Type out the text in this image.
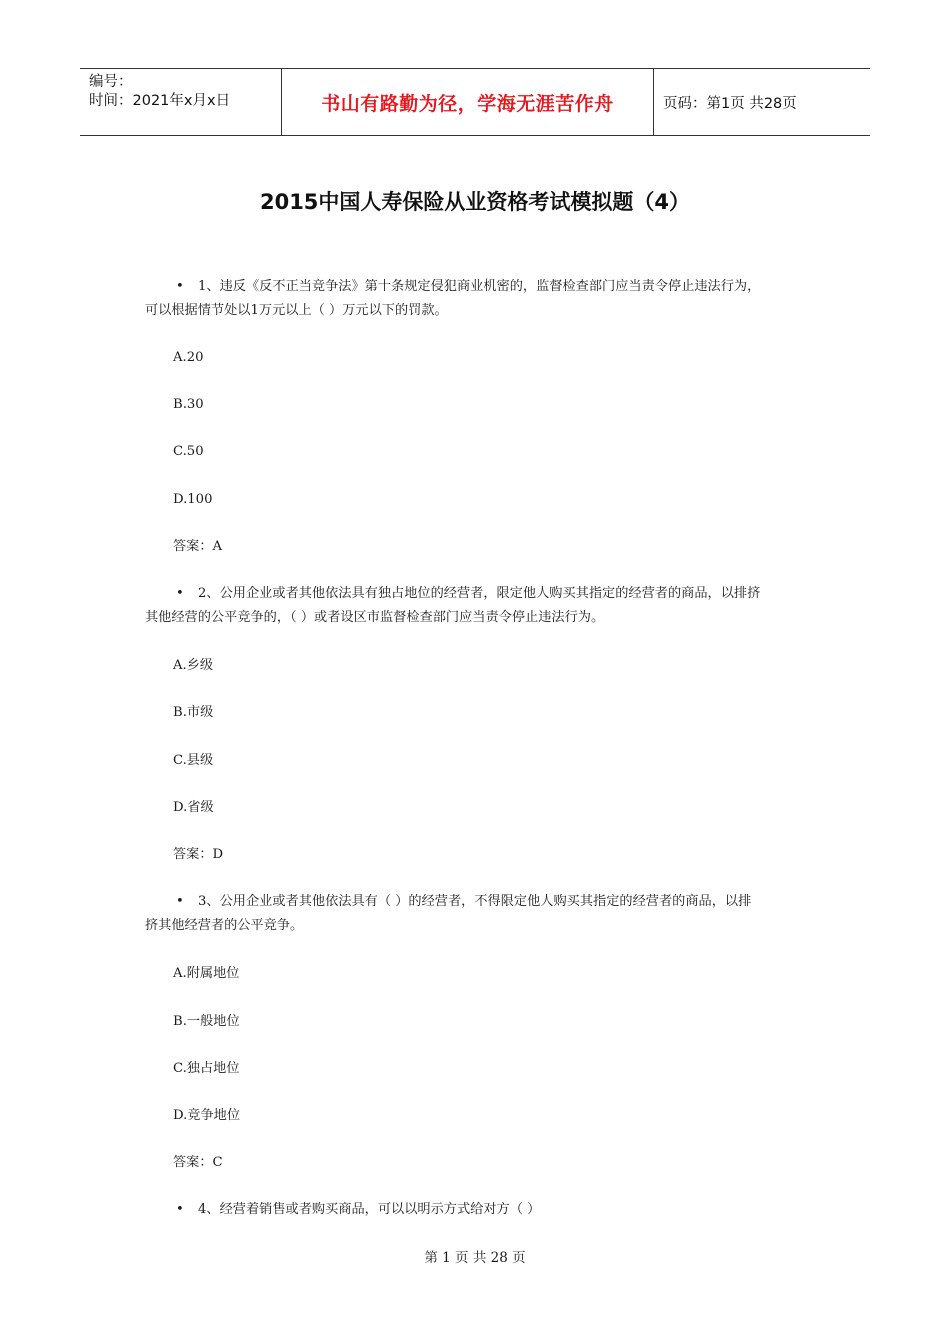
编号：
时间：2021年x月x日	书山有路勤为径，学海无涯苦作舟	页码：第1页 共28页
2015中国人寿保险从业资格考试模拟题（4）
• 1、违反《反不正当竞争法》第十条规定侵犯商业机密的，监督检查部门应当责令停止违法行为，
可以根据情节处以1万元以上（ ）万元以下的罚款。
A.20
B.30
C.50
D.100
答案：A
• 2、公用企业或者其他依法具有独占地位的经营者，限定他人购买其指定的经营者的商品，以排挤
其他经营的公平竞争的，（ ）或者设区市监督检查部门应当责令停止违法行为。
A.乡级
B.市级
C.县级
D.省级
答案：D
• 3、公用企业或者其他依法具有（ ）的经营者，不得限定他人购买其指定的经营者的商品，以排
挤其他经营者的公平竞争。
A.附属地位
B.一般地位
C.独占地位
D.竞争地位
答案：C
• 4、经营着销售或者购买商品，可以以明示方式给对方（ ）
第 1 页 共 28 页
